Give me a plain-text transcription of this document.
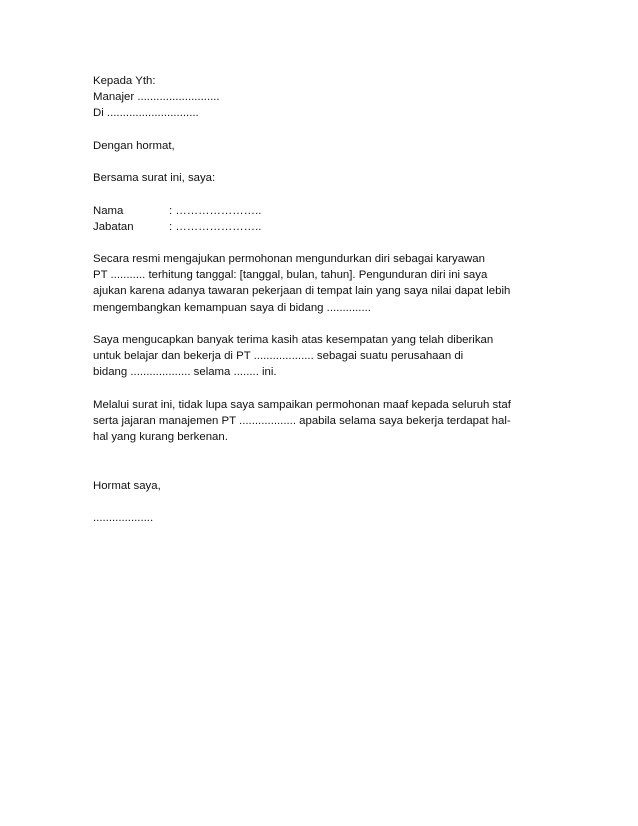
Kepada Yth:
Manajer ..........................
Di .............................
Dengan hormat,
Bersama surat ini, saya:
Nama	: …………………..
Jabatan	: …………………..
Secara resmi mengajukan permohonan mengundurkan diri sebagai karyawan
PT ........... terhitung tanggal: [tanggal, bulan, tahun]. Pengunduran diri ini saya
ajukan karena adanya tawaran pekerjaan di tempat lain yang saya nilai dapat lebih
mengembangkan kemampuan saya di bidang ..............
Saya mengucapkan banyak terima kasih atas kesempatan yang telah diberikan
untuk belajar dan bekerja di PT ................... sebagai suatu perusahaan di
bidang ................... selama ........ ini.
Melalui surat ini, tidak lupa saya sampaikan permohonan maaf kepada seluruh staf
serta jajaran manajemen PT .................. apabila selama saya bekerja terdapat hal-
hal yang kurang berkenan.
Hormat saya,
...................
